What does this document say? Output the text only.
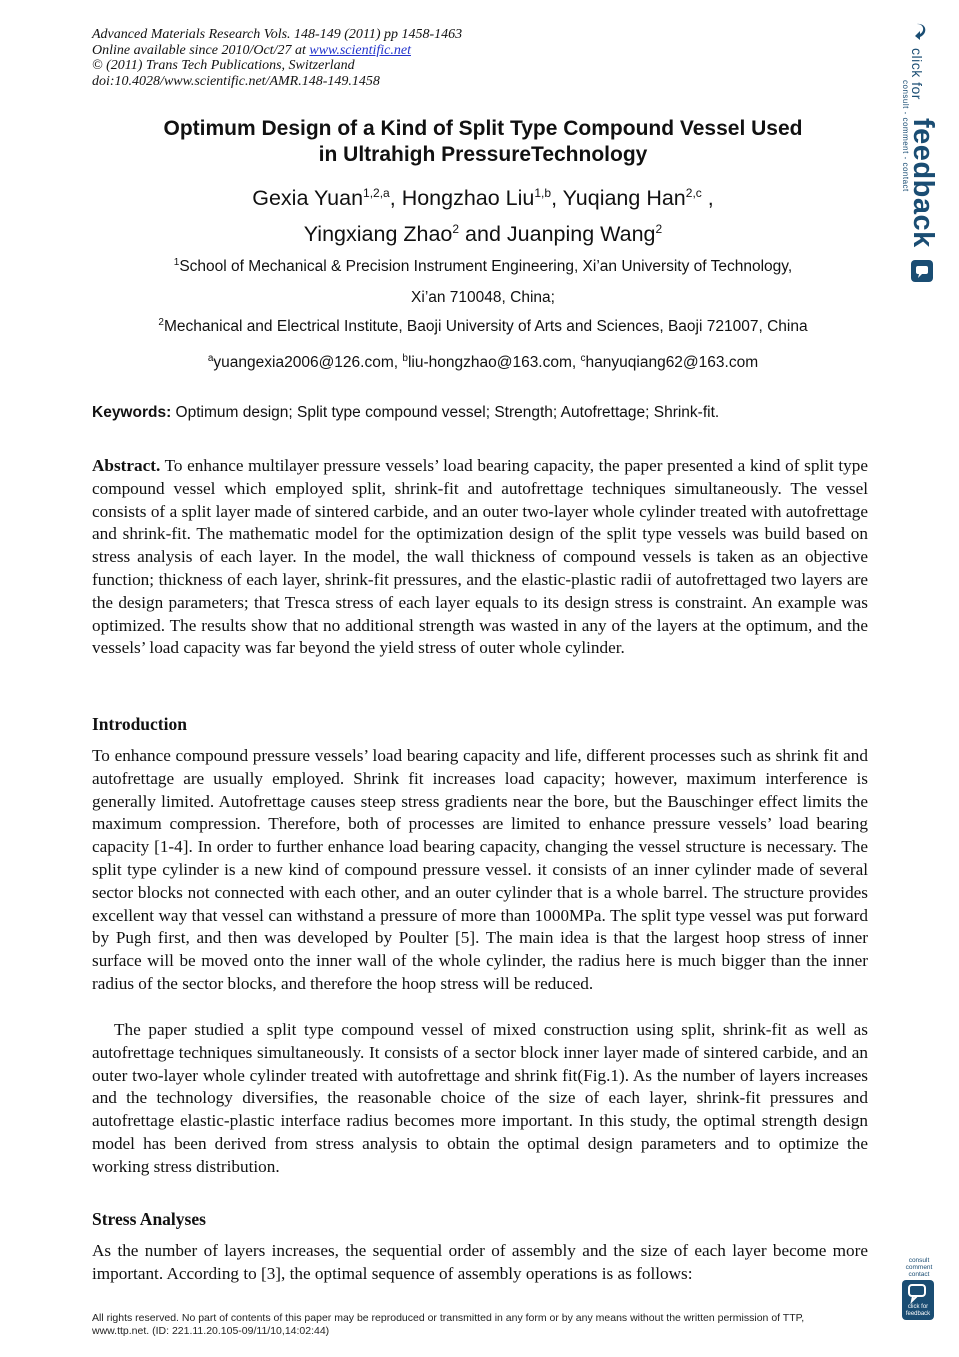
Advanced Materials Research Vols. 148-149 (2011) pp 1458-1463
Online available since 2010/Oct/27 at www.scientific.net
© (2011) Trans Tech Publications, Switzerland
doi:10.4028/www.scientific.net/AMR.148-149.1458
Optimum Design of a Kind of Split Type Compound Vessel Used
in Ultrahigh PressureTechnology
Gexia Yuan$^{1,2,a}$, Hongzhao Liu$^{1,b}$, Yuqiang Han$^{2,c}$ ,
Yingxiang Zhao$^2$ and Juanping Wang$^2$
$^1$School of Mechanical & Precision Instrument Engineering, Xi’an University of Technology,
Xi’an 710048, China;
$^2$Mechanical and Electrical Institute, Baoji University of Arts and Sciences, Baoji 721007, China
$^a$yuangexia2006@126.com, $^b$liu-hongzhao@163.com, $^c$hanyuqiang62@163.com
Keywords: Optimum design; Split type compound vessel; Strength; Autofrettage; Shrink-fit.
Abstract. To enhance multilayer pressure vessels’ load bearing capacity, the paper presented a kind of split type compound vessel which employed split, shrink-fit and autofrettage techniques simultaneously. The vessel consists of a split layer made of sintered carbide, and an outer two-layer whole cylinder treated with autofrettage and shrink-fit. The mathematic model for the optimization design of the split type vessels was build based on stress analysis of each layer. In the model, the wall thickness of compound vessels is taken as an objective function; thickness of each layer, shrink-fit pressures, and the elastic-plastic radii of autofrettaged two layers are the design parameters; that Tresca stress of each layer equals to its design stress is constraint. An example was optimized. The results show that no additional strength was wasted in any of the layers at the optimum, and the vessels’ load capacity was far beyond the yield stress of outer whole cylinder.
Introduction
To enhance compound pressure vessels’ load bearing capacity and life, different processes such as shrink fit and autofrettage are usually employed. Shrink fit increases load capacity; however, maximum interference is generally limited. Autofrettage causes steep stress gradients near the bore, but the Bauschinger effect limits the maximum compression. Therefore, both of processes are limited to enhance pressure vessels’ load bearing capacity [1-4]. In order to further enhance load bearing capacity, changing the vessel structure is necessary. The split type cylinder is a new kind of compound pressure vessel. it consists of an inner cylinder made of several sector blocks not connected with each other, and an outer cylinder that is a whole barrel. The structure provides excellent way that vessel can withstand a pressure of more than 1000MPa. The split type vessel was put forward by Pugh first, and then was developed by Poulter [5]. The main idea is that the largest hoop stress of inner surface will be moved onto the inner wall of the whole cylinder, the radius here is much bigger than the inner radius of the sector blocks, and therefore the hoop stress will be reduced.
The paper studied a split type compound vessel of mixed construction using split, shrink-fit as well as autofrettage techniques simultaneously. It consists of a sector block inner layer made of sintered carbide, and an outer two-layer whole cylinder treated with autofrettage and shrink fit(Fig.1). As the number of layers increases and the technology diversifies, the reasonable choice of the size of each layer, shrink-fit pressures and autofrettage elastic-plastic interface radius becomes more important. In this study, the optimal strength design model has been derived from stress analysis to obtain the optimal design parameters and to optimize the working stress distribution.
Stress Analyses
As the number of layers increases, the sequential order of assembly and the size of each layer become more important. According to [3], the optimal sequence of assembly operations is as follows:
All rights reserved. No part of contents of this paper may be reproduced or transmitted in any form or by any means without the written permission of TTP,
www.ttp.net. (ID: 221.11.20.105-09/11/10,14:02:44)
click for
consult - comment - contact
feedback
consult
comment
contact
click for
feedback
